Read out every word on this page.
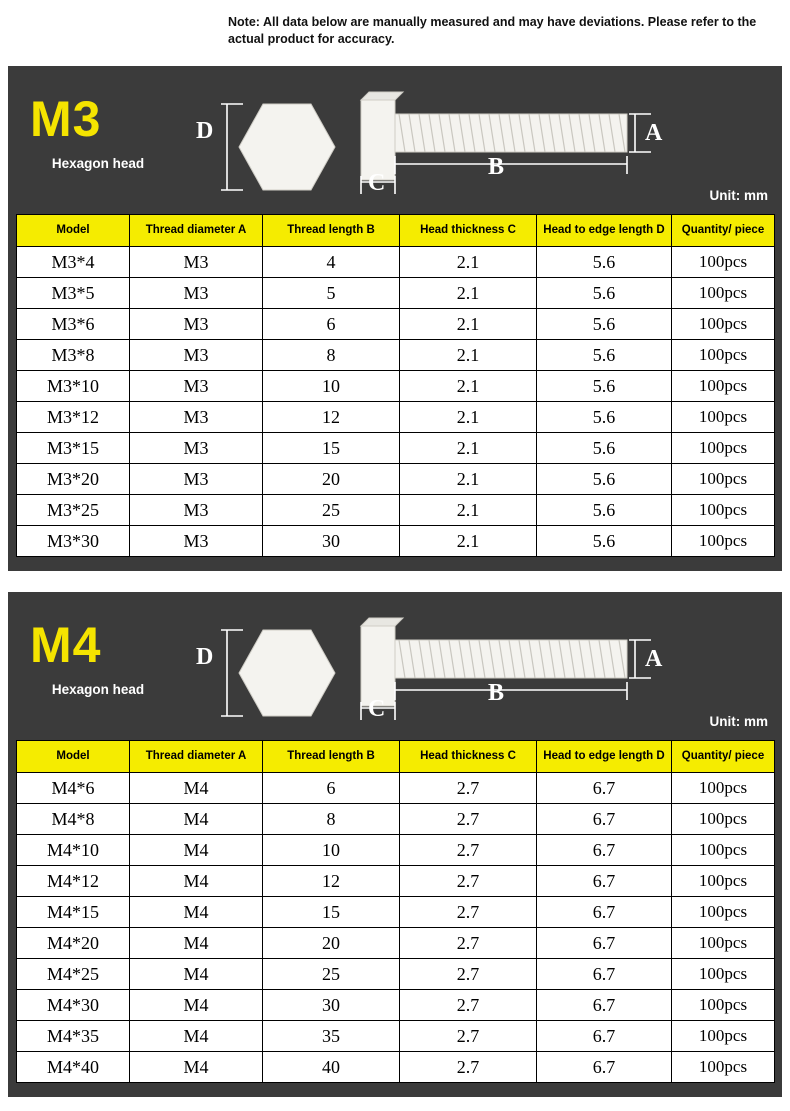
Note: All data below are manually measured and may have deviations. Please refer to the actual product for accuracy.
M3
Hexagon head
Unit: mm
D	A
B
C
Model	Thread diameter A	Thread length B	Head thickness C	Head to edge length D	Quantity/ piece
M3*4	M3	4	2.1	5.6	100pcs
M3*5	M3	5	2.1	5.6	100pcs
M3*6	M3	6	2.1	5.6	100pcs
M3*8	M3	8	2.1	5.6	100pcs
M3*10	M3	10	2.1	5.6	100pcs
M3*12	M3	12	2.1	5.6	100pcs
M3*15	M3	15	2.1	5.6	100pcs
M3*20	M3	20	2.1	5.6	100pcs
M3*25	M3	25	2.1	5.6	100pcs
M3*30	M3	30	2.1	5.6	100pcs
M4
Hexagon head
Unit: mm
D	A
B
C
Model	Thread diameter A	Thread length B	Head thickness C	Head to edge length D	Quantity/ piece
M4*6	M4	6	2.7	6.7	100pcs
M4*8	M4	8	2.7	6.7	100pcs
M4*10	M4	10	2.7	6.7	100pcs
M4*12	M4	12	2.7	6.7	100pcs
M4*15	M4	15	2.7	6.7	100pcs
M4*20	M4	20	2.7	6.7	100pcs
M4*25	M4	25	2.7	6.7	100pcs
M4*30	M4	30	2.7	6.7	100pcs
M4*35	M4	35	2.7	6.7	100pcs
M4*40	M4	40	2.7	6.7	100pcs
